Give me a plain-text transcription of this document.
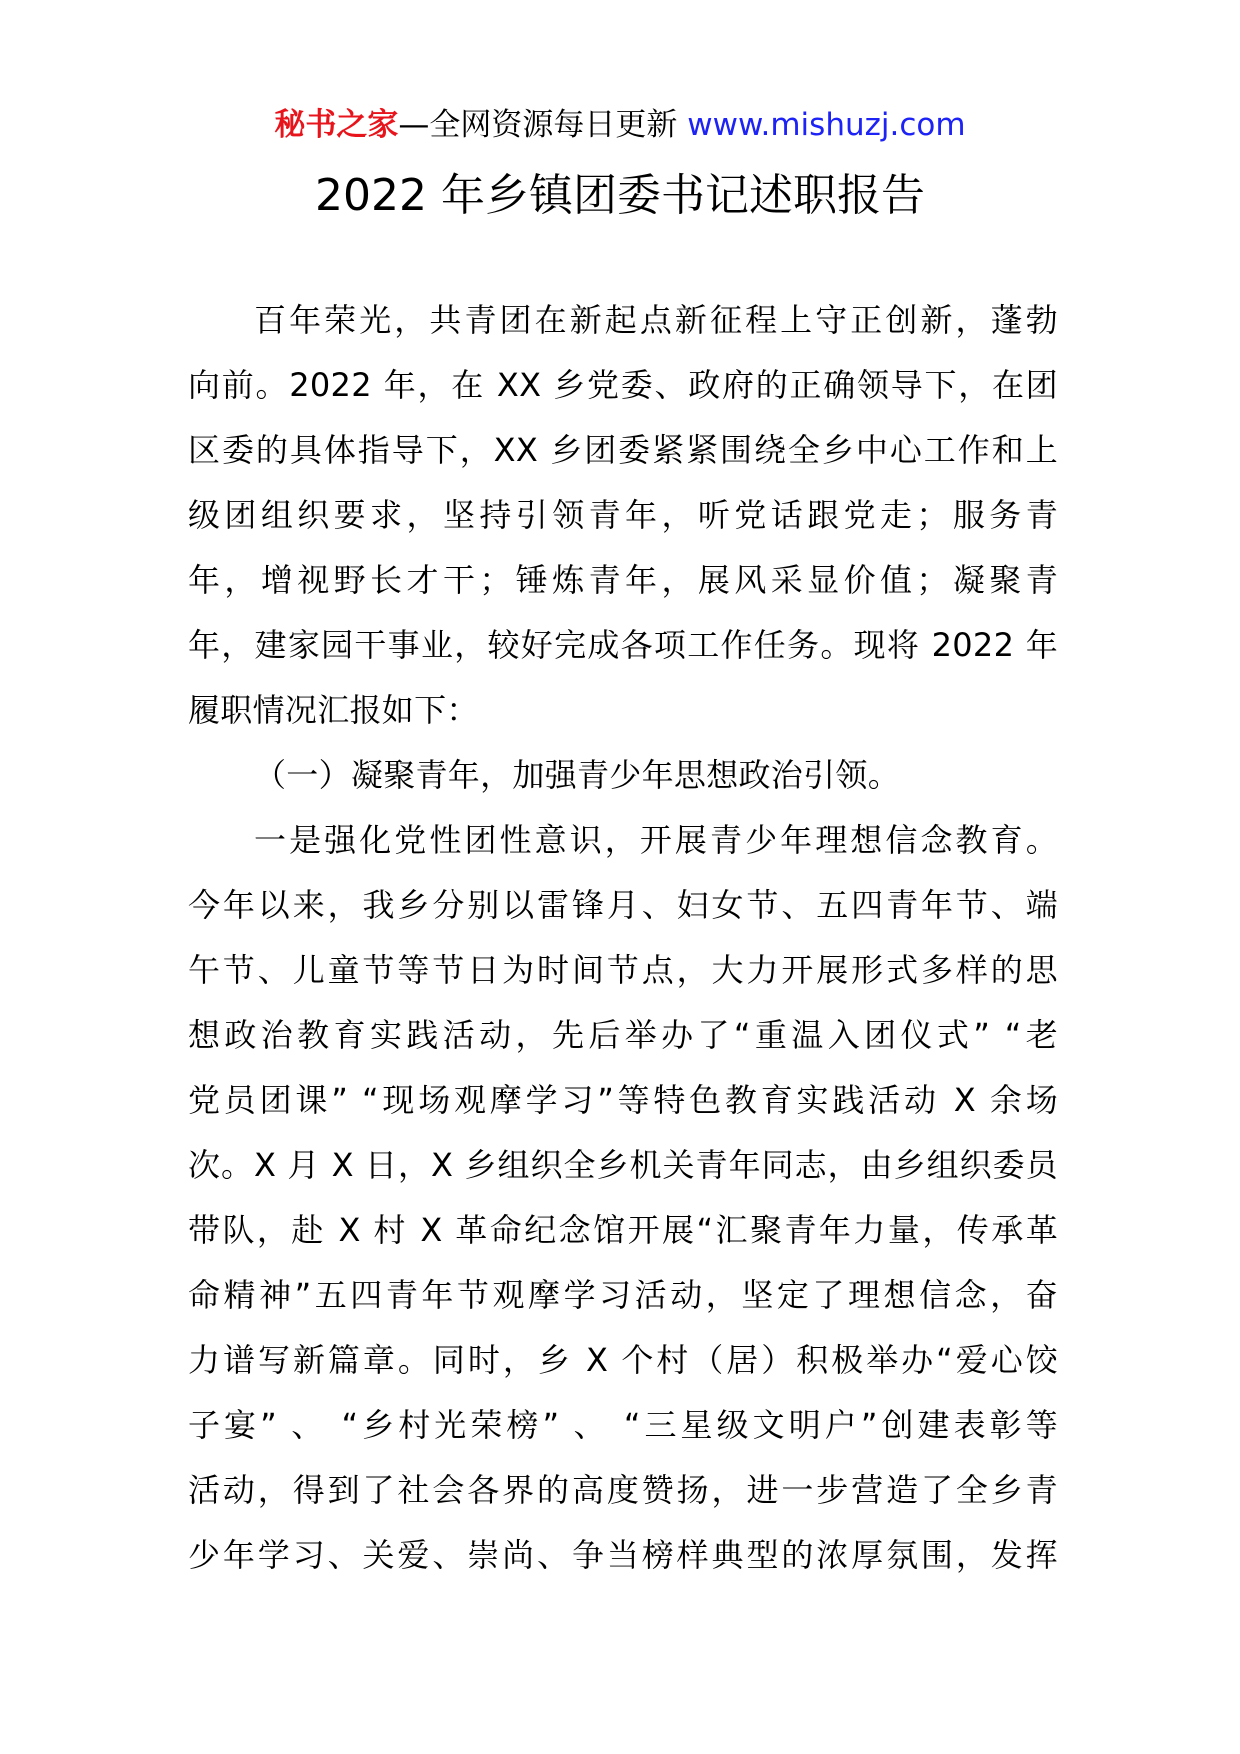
秘书之家—全网资源每日更新 www.mishuzj.com
2022 年乡镇团委书记述职报告
百年荣光，共青团在新起点新征程上守正创新，蓬勃
向前。2022 年，在 XX 乡党委、政府的正确领导下，在团
区委的具体指导下，XX 乡团委紧紧围绕全乡中心工作和上
级团组织要求，坚持引领青年，听党话跟党走；服务青
年，增视野长才干；锤炼青年，展风采显价值；凝聚青
年，建家园干事业，较好完成各项工作任务。现将 2022 年
履职情况汇报如下：
（一）凝聚青年，加强青少年思想政治引领。
一是强化党性团性意识，开展青少年理想信念教育。
今年以来，我乡分别以雷锋月、妇女节、五四青年节、端
午节、儿童节等节日为时间节点，大力开展形式多样的思
想政治教育实践活动，先后举办了“重温入团仪式” “老
党员团课” “现场观摩学习”等特色教育实践活动 X 余场
次。X 月 X 日，X 乡组织全乡机关青年同志，由乡组织委员
带队，赴 X 村 X 革命纪念馆开展“汇聚青年力量，传承革
命精神”五四青年节观摩学习活动，坚定了理想信念，奋
力谱写新篇章。同时，乡 X 个村（居）积极举办“爱心饺
子宴” 、 “乡村光荣榜” 、 “三星级文明户”创建表彰等
活动，得到了社会各界的高度赞扬，进一步营造了全乡青
少年学习、关爱、崇尚、争当榜样典型的浓厚氛围，发挥
